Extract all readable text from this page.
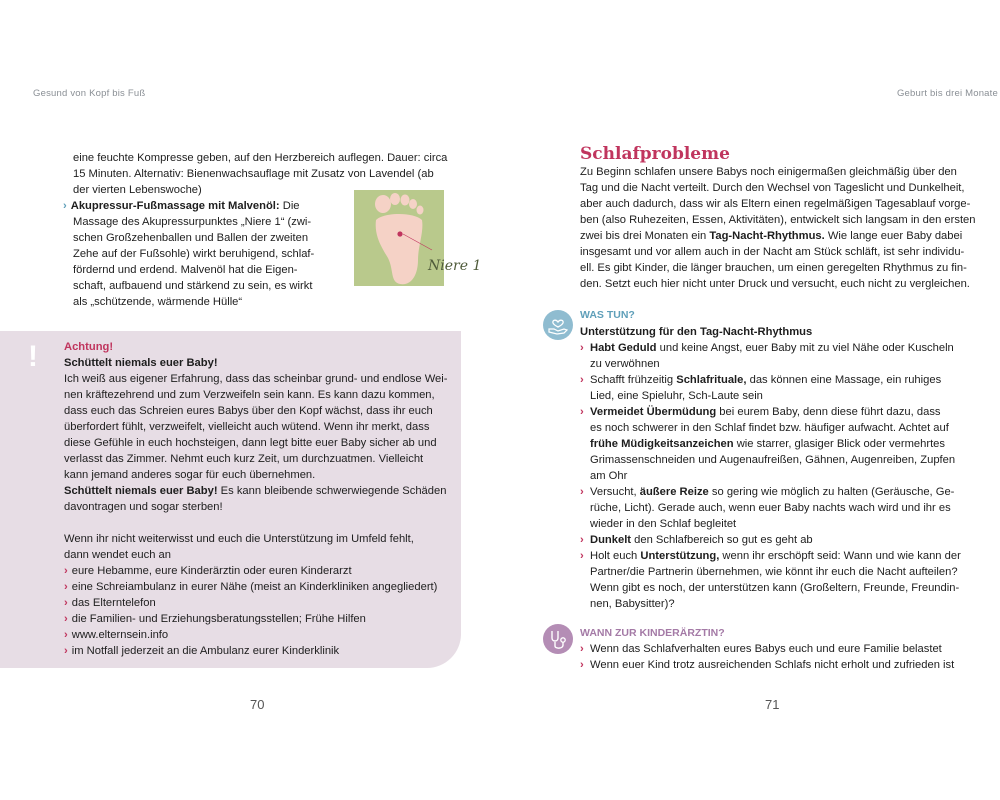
Gesund von Kopf bis Fuß

eine feuchte Kompresse geben, auf den Herzbereich auflegen. Dauer: circa

15 Minuten. Alternativ: Bienenwachsauflage mit Zusatz von Lavendel (ab

der vierten Lebenswoche)

› Akupressur-Fußmassage mit Malvenöl: Die

Massage des Akupressurpunktes „Niere 1“ (zwi-

schen Großzehenballen und Ballen der zweiten

Zehe auf der Fußsohle) wirkt beruhigend, schlaf-

fördernd und erdend. Malvenöl hat die Eigen-

schaft, aufbauend und stärkend zu sein, es wirkt

als „schützende, wärmende Hülle“

Niere 1
!	Achtung!

Schüttelt niemals euer Baby!

Ich weiß aus eigener Erfahrung, dass das scheinbar grund- und endlose Wei-

nen kräftezehrend und zum Verzweifeln sein kann. Es kann dazu kommen,

dass euch das Schreien eures Babys über den Kopf wächst, dass ihr euch

überfordert fühlt, verzweifelt, vielleicht auch wütend. Wenn ihr merkt, dass

diese Gefühle in euch hochsteigen, dann legt bitte euer Baby sicher ab und

verlasst das Zimmer. Nehmt euch kurz Zeit, um durchzuatmen. Vielleicht

kann jemand anderes sogar für euch übernehmen.

Schüttelt niemals euer Baby! Es kann bleibende schwerwiegende Schäden

davontragen und sogar sterben!

Wenn ihr nicht weiterwisst und euch die Unterstützung im Umfeld fehlt,

dann wendet euch an

› eure Hebamme, eure Kinderärztin oder euren Kinderarzt

› eine Schreiambulanz in eurer Nähe (meist an Kinderkliniken angegliedert)

› das Elterntelefon

› die Familien- und Erziehungsberatungsstellen; Frühe Hilfen

› www.elternsein.info

› im Notfall jederzeit an die Ambulanz eurer Kinderklinik

70
Geburt bis drei Monate
Schlafprobleme

Zu Beginn schlafen unsere Babys noch einigermaßen gleichmäßig über den

Tag und die Nacht verteilt. Durch den Wechsel von Tageslicht und Dunkelheit,

aber auch dadurch, dass wir als Eltern einen regelmäßigen Tagesablauf vorge-

ben (also Ruhezeiten, Essen, Aktivitäten), entwickelt sich langsam in den ersten

zwei bis drei Monaten ein Tag-Nacht-Rhythmus. Wie lange euer Baby dabei

insgesamt und vor allem auch in der Nacht am Stück schläft, ist sehr individu-

ell. Es gibt Kinder, die länger brauchen, um einen geregelten Rhythmus zu fin-

den. Setzt euch hier nicht unter Druck und versucht, euch nicht zu vergleichen.

WAS TUN?
Unterstützung für den Tag-Nacht-Rhythmus
› Habt Geduld und keine Angst, euer Baby mit zu viel Nähe oder Kuscheln

zu verwöhnen

› Schafft frühzeitig Schlafrituale, das können eine Massage, ein ruhiges

Lied, eine Spieluhr, Sch-Laute sein

› Vermeidet Übermüdung bei eurem Baby, denn diese führt dazu, dass

es noch schwerer in den Schlaf findet bzw. häufiger aufwacht. Achtet auf

frühe Müdigkeitsanzeichen wie starrer, glasiger Blick oder vermehrtes

Grimassenschneiden und Augenaufreißen, Gähnen, Augenreiben, Zupfen

am Ohr

› Versucht, äußere Reize so gering wie möglich zu halten (Geräusche, Ge-

rüche, Licht). Gerade auch, wenn euer Baby nachts wach wird und ihr es

wieder in den Schlaf begleitet

› Dunkelt den Schlafbereich so gut es geht ab

› Holt euch Unterstützung, wenn ihr erschöpft seid: Wann und wie kann der

Partner/die Partnerin übernehmen, wie könnt ihr euch die Nacht aufteilen?

Wenn gibt es noch, der unterstützen kann (Großeltern, Freunde, Freundin-

nen, Babysitter)?

WANN ZUR KINDERÄRZTIN?
› Wenn das Schlafverhalten eures Babys euch und eure Familie belastet

› Wenn euer Kind trotz ausreichenden Schlafs nicht erholt und zufrieden ist

71
